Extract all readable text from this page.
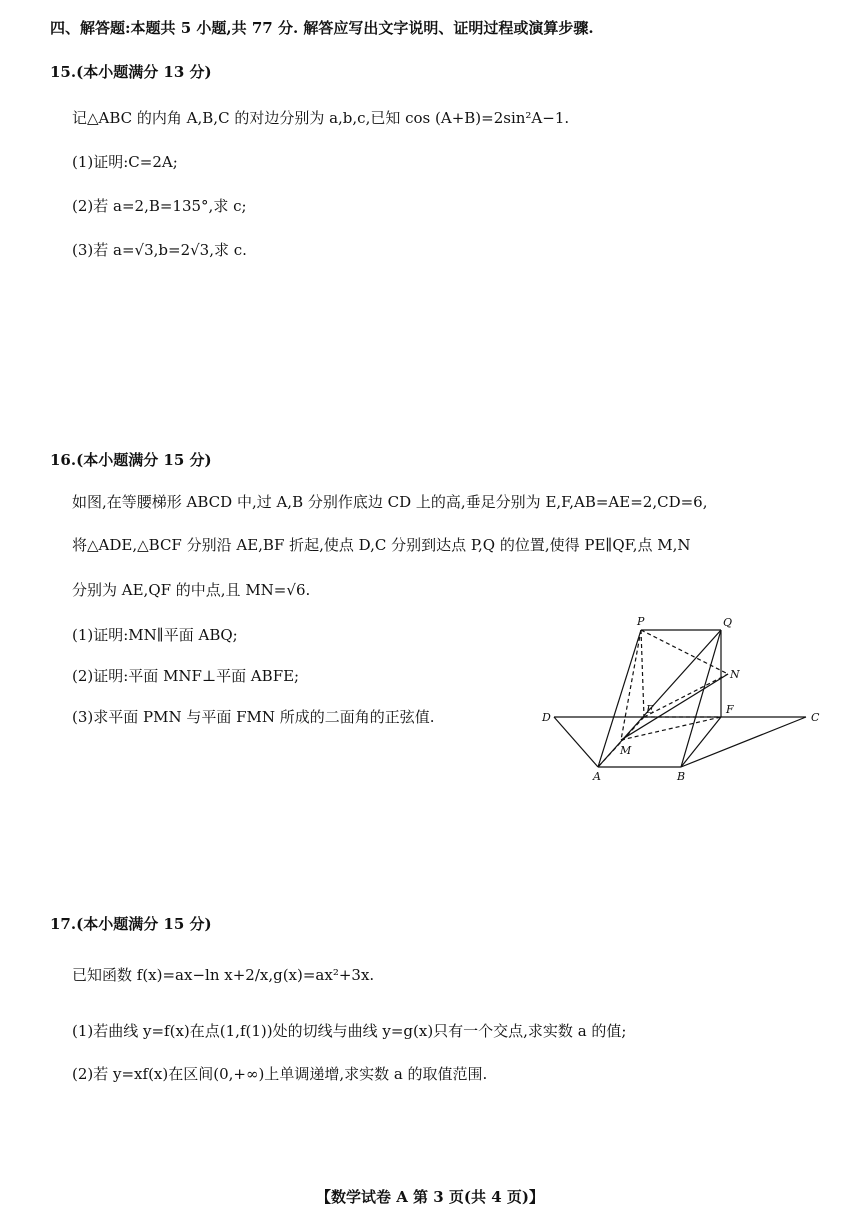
四、解答题:本题共 5 小题,共 77 分. 解答应写出文字说明、证明过程或演算步骤.
15.(本小题满分 13 分)
记△ABC 的内角 A,B,C 的对边分别为 a,b,c,已知 cos (A+B)=2sin²A−1.
(1)证明:C=2A;
(2)若 a=2,B=135°,求 c;
(3)若 a=√3,b=2√3,求 c.
16.(本小题满分 15 分)
如图,在等腰梯形 ABCD 中,过 A,B 分别作底边 CD 上的高,垂足分别为 E,F,AB=AE=2,CD=6,
将△ADE,△BCF 分别沿 AE,BF 折起,使点 D,C 分别到达点 P,Q 的位置,使得 PE∥QF,点 M,N
分别为 AE,QF 的中点,且 MN=√6.
(1)证明:MN∥平面 ABQ;
(2)证明:平面 MNF⊥平面 ABFE;
(3)求平面 PMN 与平面 FMN 所成的二面角的正弦值.
P	Q
N
D
E	F
C
M
A	B
17.(本小题满分 15 分)
已知函数 f(x)=ax−ln x+2/x,g(x)=ax²+3x.
(1)若曲线 y=f(x)在点(1,f(1))处的切线与曲线 y=g(x)只有一个交点,求实数 a 的值;
(2)若 y=xf(x)在区间(0,+∞)上单调递增,求实数 a 的取值范围.
【数学试卷 A 第 3 页(共 4 页)】
